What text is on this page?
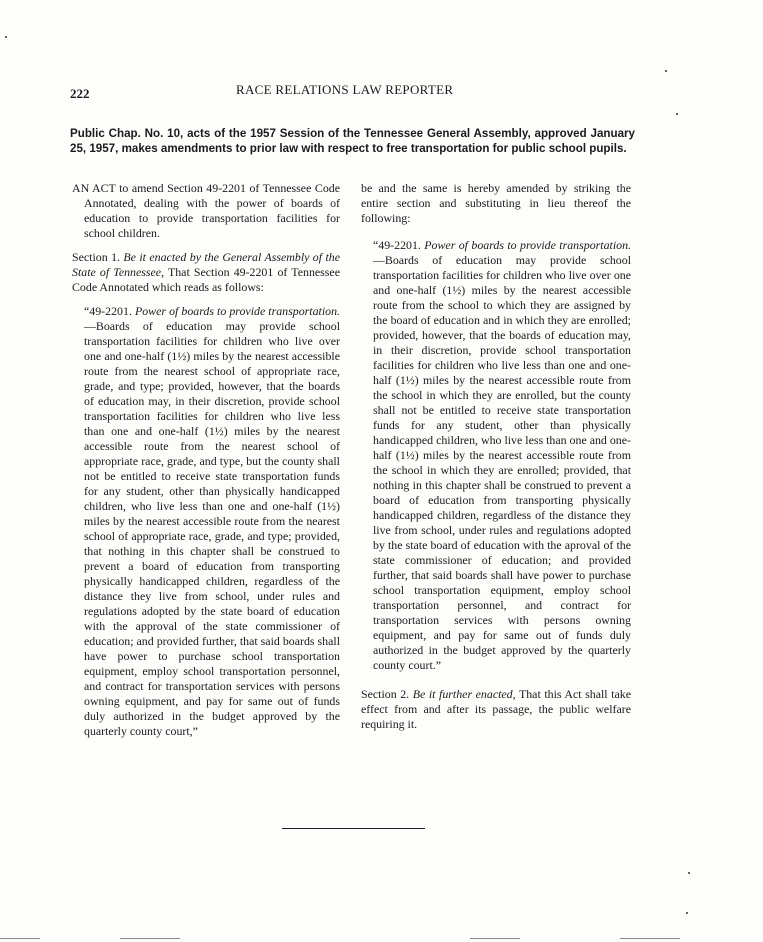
222	RACE RELATIONS LAW REPORTER
Public Chap. No. 10, acts of the 1957 Session of the Tennessee General Assembly, approved January 25, 1957, makes amendments to prior law with respect to free transportation for public school pupils.

AN ACT to amend Section 49-2201 of Tennessee Code Annotated, dealing with the power of boards of education to provide transportation facilities for school children.

Section 1. Be it enacted by the General Assembly of the State of Tennessee, That Section 49-2201 of Tennessee Code Annotated which reads as follows:

“49-2201. Power of boards to provide transportation.—Boards of education may provide school transportation facilities for children who live over one and one-half (1½) miles by the nearest accessible route from the nearest school of appropriate race, grade, and type; provided, however, that the boards of education may, in their discretion, provide school transportation facilities for children who live less than one and one-half (1½) miles by the nearest accessible route from the nearest school of appropriate race, grade, and type, but the county shall not be entitled to receive state transportation funds for any student, other than physically handicapped children, who live less than one and one-half (1½) miles by the nearest accessible route from the nearest school of appropriate race, grade, and type; provided, that nothing in this chapter shall be construed to prevent a board of education from transporting physically handicapped children, regardless of the distance they live from school, under rules and regulations adopted by the state board of education with the approval of the state commissioner of education; and provided further, that said boards shall have power to purchase school transportation equipment, employ school transportation personnel, and contract for transportation services with persons owning equipment, and pay for same out of funds duly authorized in the budget approved by the quarterly county court,”

be and the same is hereby amended by striking the entire section and substituting in lieu thereof the following:

“49-2201. Power of boards to provide transportation.—Boards of education may provide school transportation facilities for children who live over one and one-half (1½) miles by the nearest accessible route from the school to which they are assigned by the board of education and in which they are enrolled; provided, however, that the boards of education may, in their discretion, provide school transportation facilities for children who live less than one and one-half (1½) miles by the nearest accessible route from the school in which they are enrolled, but the county shall not be entitled to receive state transportation funds for any student, other than physically handicapped children, who live less than one and one-half (1½) miles by the nearest accessible route from the school in which they are enrolled; provided, that nothing in this chapter shall be construed to prevent a board of education from transporting physically handicapped children, regardless of the distance they live from school, under rules and regulations adopted by the state board of education with the aproval of the state commissioner of education; and provided further, that said boards shall have power to purchase school transportation equipment, employ school transportation personnel, and contract for transportation services with persons owning equipment, and pay for same out of funds duly authorized in the budget approved by the quarterly county court.”

Section 2. Be it further enacted, That this Act shall take effect from and after its passage, the public welfare requiring it.
